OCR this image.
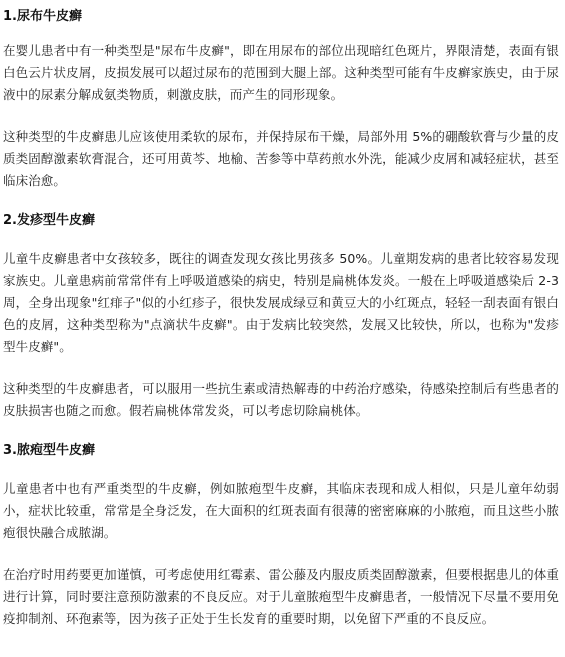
1.尿布牛皮癣

在婴儿患者中有一种类型是"尿布牛皮癣"，即在用尿布的部位出现暗红色斑片，界限清楚，表面有银白色云片状皮屑，皮损发展可以超过尿布的范围到大腿上部。这种类型可能有牛皮癣家族史，由于尿液中的尿素分解成氨类物质，刺激皮肤，而产生的同形现象。

这种类型的牛皮癣患儿应该使用柔软的尿布，并保持尿布干燥，局部外用 5%的硼酸软膏与少量的皮质类固醇激素软膏混合，还可用黄芩、地榆、苦参等中草药煎水外洗，能减少皮屑和减轻症状，甚至临床治愈。

2.发疹型牛皮癣

儿童牛皮癣患者中女孩较多，既往的调查发现女孩比男孩多 50%。儿童期发病的患者比较容易发现家族史。儿童患病前常常伴有上呼吸道感染的病史，特别是扁桃体发炎。一般在上呼吸道感染后 2-3 周，全身出现象"红痱子"似的小红疹子，很快发展成绿豆和黄豆大的小红斑点，轻轻一刮表面有银白色的皮屑，这种类型称为"点滴状牛皮癣"。由于发病比较突然，发展又比较快，所以，也称为"发疹型牛皮癣"。

这种类型的牛皮癣患者，可以服用一些抗生素或清热解毒的中药治疗感染，待感染控制后有些患者的皮肤损害也随之而愈。假若扁桃体常发炎，可以考虑切除扁桃体。

3.脓疱型牛皮癣

儿童患者中也有严重类型的牛皮癣，例如脓疱型牛皮癣，其临床表现和成人相似，只是儿童年幼弱小，症状比较重，常常是全身泛发，在大面积的红斑表面有很薄的密密麻麻的小脓疱，而且这些小脓疱很快融合成脓湖。

在治疗时用药要更加谨慎，可考虑使用红霉素、雷公藤及内服皮质类固醇激素，但要根据患儿的体重进行计算，同时要注意预防激素的不良反应。对于儿童脓疱型牛皮癣患者，一般情况下尽量不要用免疫抑制剂、环孢素等，因为孩子正处于生长发育的重要时期，以免留下严重的不良反应。
